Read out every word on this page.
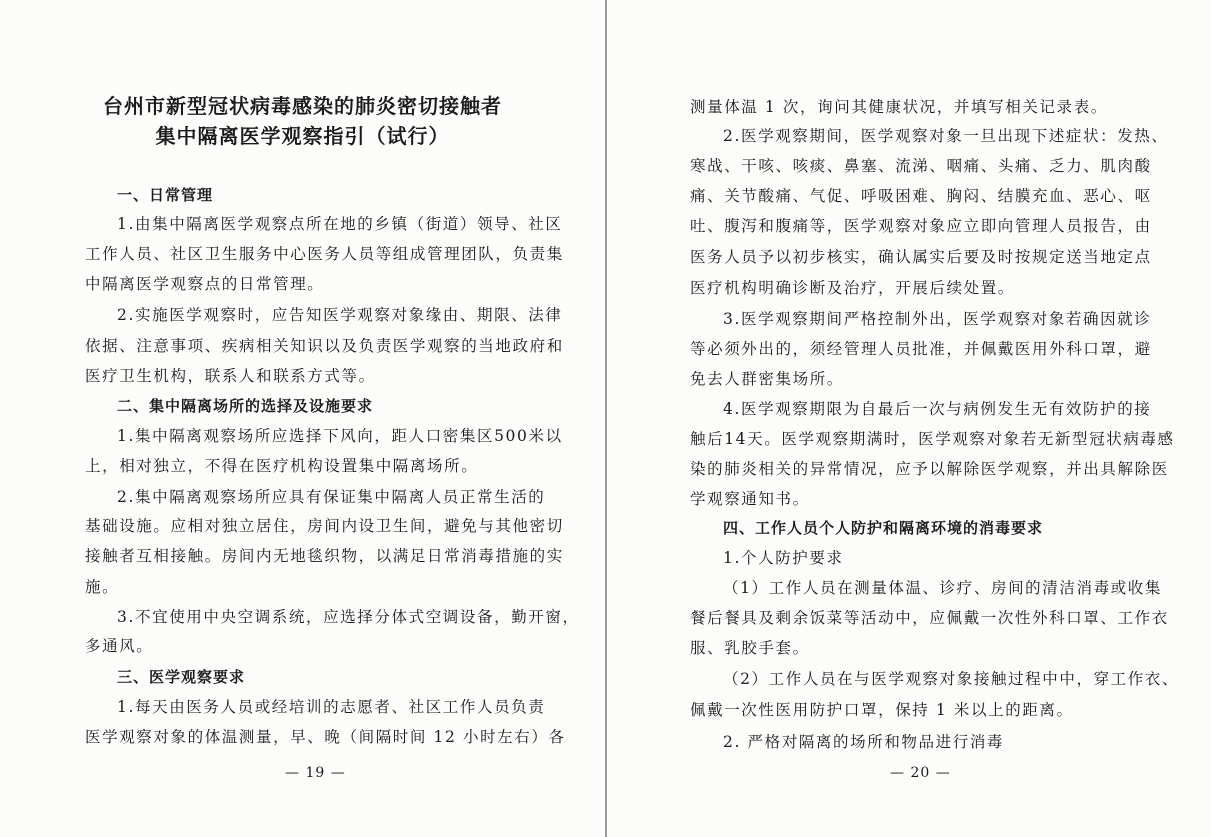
台州市新型冠状病毒感染的肺炎密切接触者
集中隔离医学观察指引（试行）
一、日常管理
1.由集中隔离医学观察点所在地的乡镇（街道）领导、社区
工作人员、社区卫生服务中心医务人员等组成管理团队，负责集
中隔离医学观察点的日常管理。
2.实施医学观察时，应告知医学观察对象缘由、期限、法律
依据、注意事项、疾病相关知识以及负责医学观察的当地政府和
医疗卫生机构，联系人和联系方式等。
二、集中隔离场所的选择及设施要求
1.集中隔离观察场所应选择下风向，距人口密集区500米以
上，相对独立，不得在医疗机构设置集中隔离场所。
2.集中隔离观察场所应具有保证集中隔离人员正常生活的
基础设施。应相对独立居住，房间内设卫生间，避免与其他密切
接触者互相接触。房间内无地毯织物，以满足日常消毒措施的实
施。
3.不宜使用中央空调系统，应选择分体式空调设备，勤开窗，
多通风。
三、医学观察要求
1.每天由医务人员或经培训的志愿者、社区工作人员负责
医学观察对象的体温测量，早、晚（间隔时间 12 小时左右）各
— 19 —
测量体温 1 次，询问其健康状况，并填写相关记录表。
2.医学观察期间，医学观察对象一旦出现下述症状：发热、
寒战、干咳、咳痰、鼻塞、流涕、咽痛、头痛、乏力、肌肉酸
痛、关节酸痛、气促、呼吸困难、胸闷、结膜充血、恶心、呕
吐、腹泻和腹痛等，医学观察对象应立即向管理人员报告，由
医务人员予以初步核实，确认属实后要及时按规定送当地定点
医疗机构明确诊断及治疗，开展后续处置。
3.医学观察期间严格控制外出，医学观察对象若确因就诊
等必须外出的，须经管理人员批准，并佩戴医用外科口罩，避
免去人群密集场所。
4.医学观察期限为自最后一次与病例发生无有效防护的接
触后14天。医学观察期满时，医学观察对象若无新型冠状病毒感
染的肺炎相关的异常情况，应予以解除医学观察，并出具解除医
学观察通知书。
四、工作人员个人防护和隔离环境的消毒要求
1.个人防护要求
（1）工作人员在测量体温、诊疗、房间的清洁消毒或收集
餐后餐具及剩余饭菜等活动中，应佩戴一次性外科口罩、工作衣
服、乳胶手套。
（2）工作人员在与医学观察对象接触过程中中，穿工作衣、
佩戴一次性医用防护口罩，保持 1 米以上的距离。
2. 严格对隔离的场所和物品进行消毒
— 20 —
